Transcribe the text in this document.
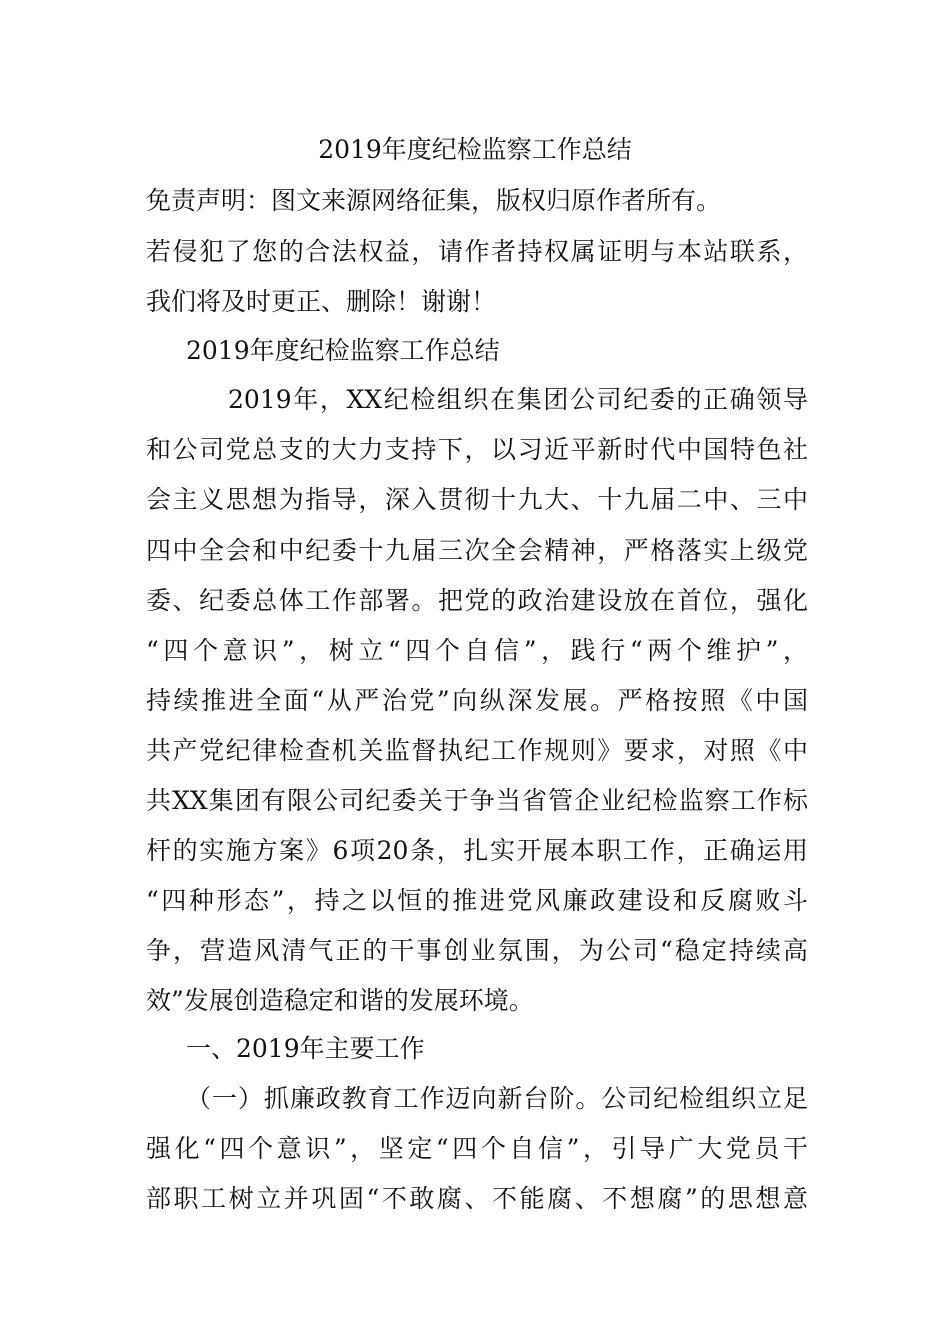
2019年度纪检监察工作总结
免责声明：图文来源网络征集，版权归原作者所有。
若侵犯了您的合法权益，请作者持权属证明与本站联系，
我们将及时更正、删除！谢谢！
2019年度纪检监察工作总结
2019年，XX纪检组织在集团公司纪委的正确领导
和公司党总支的大力支持下，以习近平新时代中国特色社
会主义思想为指导，深入贯彻十九大、十九届二中、三中
四中全会和中纪委十九届三次全会精神，严格落实上级党
委、纪委总体工作部署。把党的政治建设放在首位，强化
“四个意识”，树立“四个自信”，践行“两个维护”，
持续推进全面“从严治党”向纵深发展。严格按照《中国
共产党纪律检查机关监督执纪工作规则》要求，对照《中
共XX集团有限公司纪委关于争当省管企业纪检监察工作标
杆的实施方案》6项20条，扎实开展本职工作，正确运用
“四种形态”，持之以恒的推进党风廉政建设和反腐败斗
争，营造风清气正的干事创业氛围，为公司“稳定持续高
效”发展创造稳定和谐的发展环境。
一、2019年主要工作
（一）抓廉政教育工作迈向新台阶。公司纪检组织立足
强化“四个意识”，坚定“四个自信”，引导广大党员干
部职工树立并巩固“不敢腐、不能腐、不想腐”的思想意
